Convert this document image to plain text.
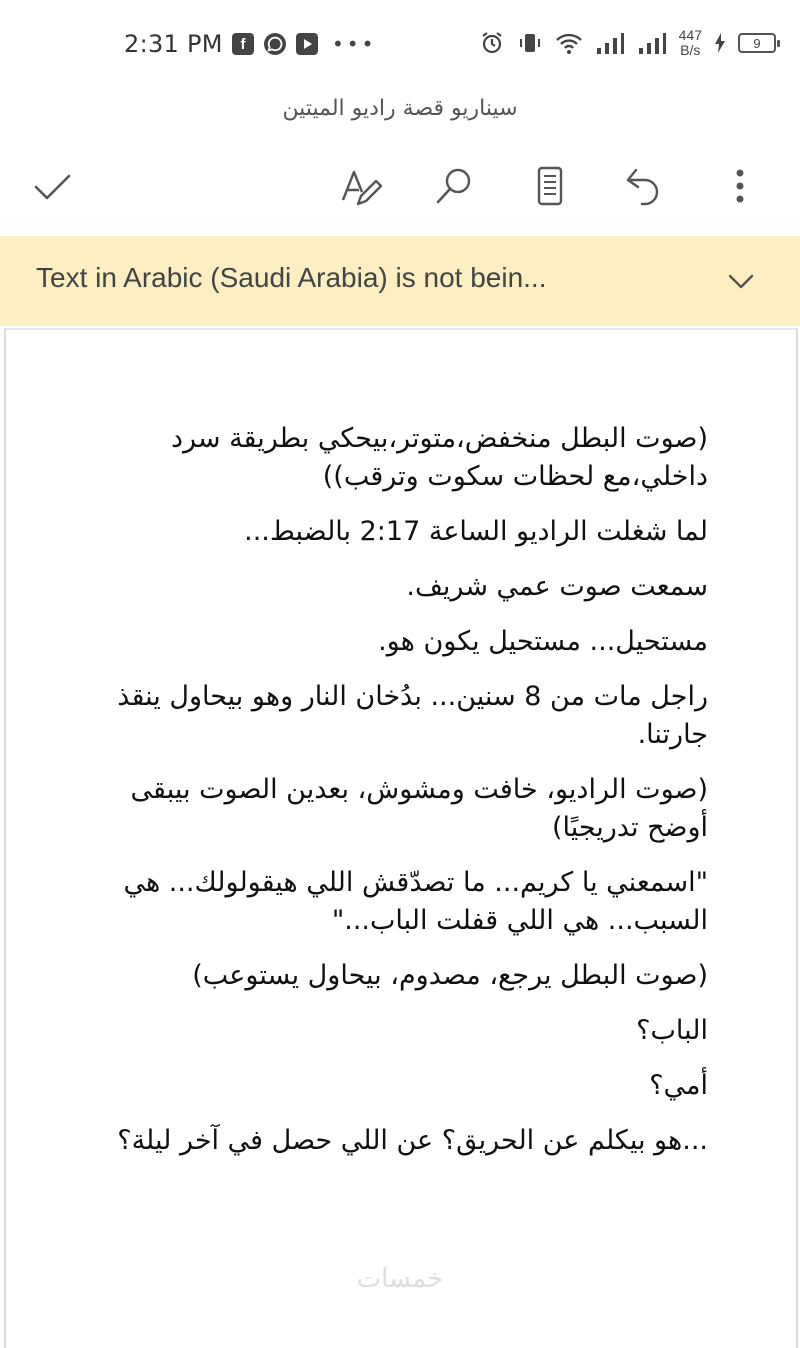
2:31 PM	f	•••	447
B/s	9
سيناريو قصة راديو الميتين
Text in Arabic (Saudi Arabia) is not bein...

(صوت البطل منخفض،متوتر،بيحكي بطريقة سرد داخلي،مع لحظات سكوت وترقب))

لما شغلت الراديو الساعة 2:17 بالضبط...

سمعت صوت عمي شريف.

مستحيل... مستحيل يكون هو.

راجل مات من 8 سنين... بدُخان النار وهو بيحاول ينقذ جارتنا.

(صوت الراديو، خافت ومشوش، بعدين الصوت بيبقى أوضح تدريجيًا)

"اسمعني يا كريم... ما تصدّقش اللي هيقولولك... هي السبب... هي اللي قفلت الباب..."

(صوت البطل يرجع، مصدوم، بيحاول يستوعب)

الباب؟

أمي؟

...هو بيكلم عن الحريق؟ عن اللي حصل في آخر ليلة؟

خمسات
